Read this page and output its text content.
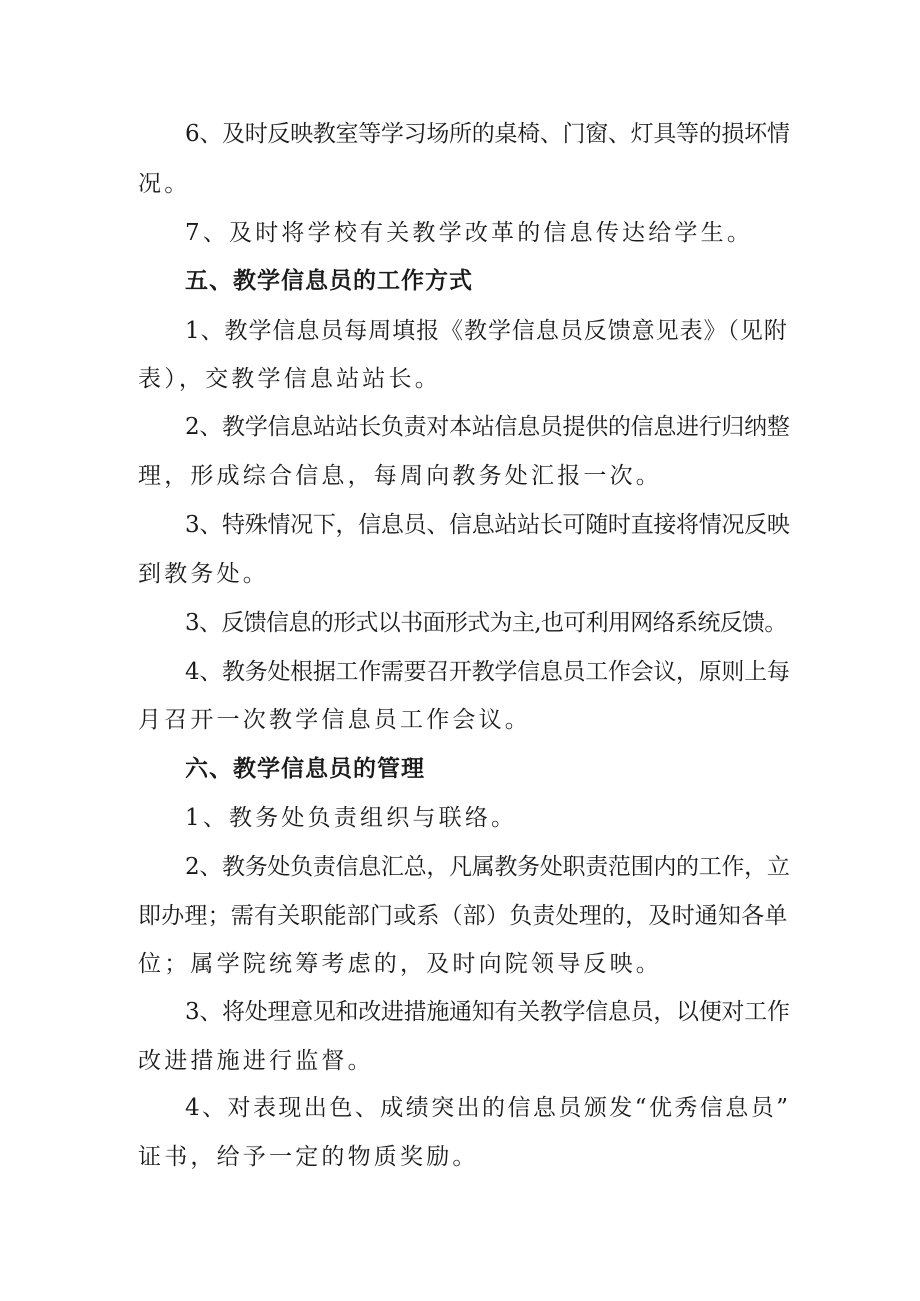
6、及时反映教室等学习场所的桌椅、门窗、灯具等的损坏情
况。
7、及时将学校有关教学改革的信息传达给学生。
五、教学信息员的工作方式
1、教学信息员每周填报《教学信息员反馈意见表》（见附
表），交教学信息站站长。
2、教学信息站站长负责对本站信息员提供的信息进行归纳整
理，形成综合信息，每周向教务处汇报一次。
3、特殊情况下，信息员、信息站站长可随时直接将情况反映
到教务处。
3、反馈信息的形式以书面形式为主,也可利用网络系统反馈。
4、教务处根据工作需要召开教学信息员工作会议，原则上每
月召开一次教学信息员工作会议。
六、教学信息员的管理
1、教务处负责组织与联络。
2、教务处负责信息汇总，凡属教务处职责范围内的工作，立
即办理；需有关职能部门或系（部）负责处理的，及时通知各单
位；属学院统筹考虑的，及时向院领导反映。
3、将处理意见和改进措施通知有关教学信息员，以便对工作
改进措施进行监督。
4、对表现出色、成绩突出的信息员颁发“优秀信息员”
证书，给予一定的物质奖励。
